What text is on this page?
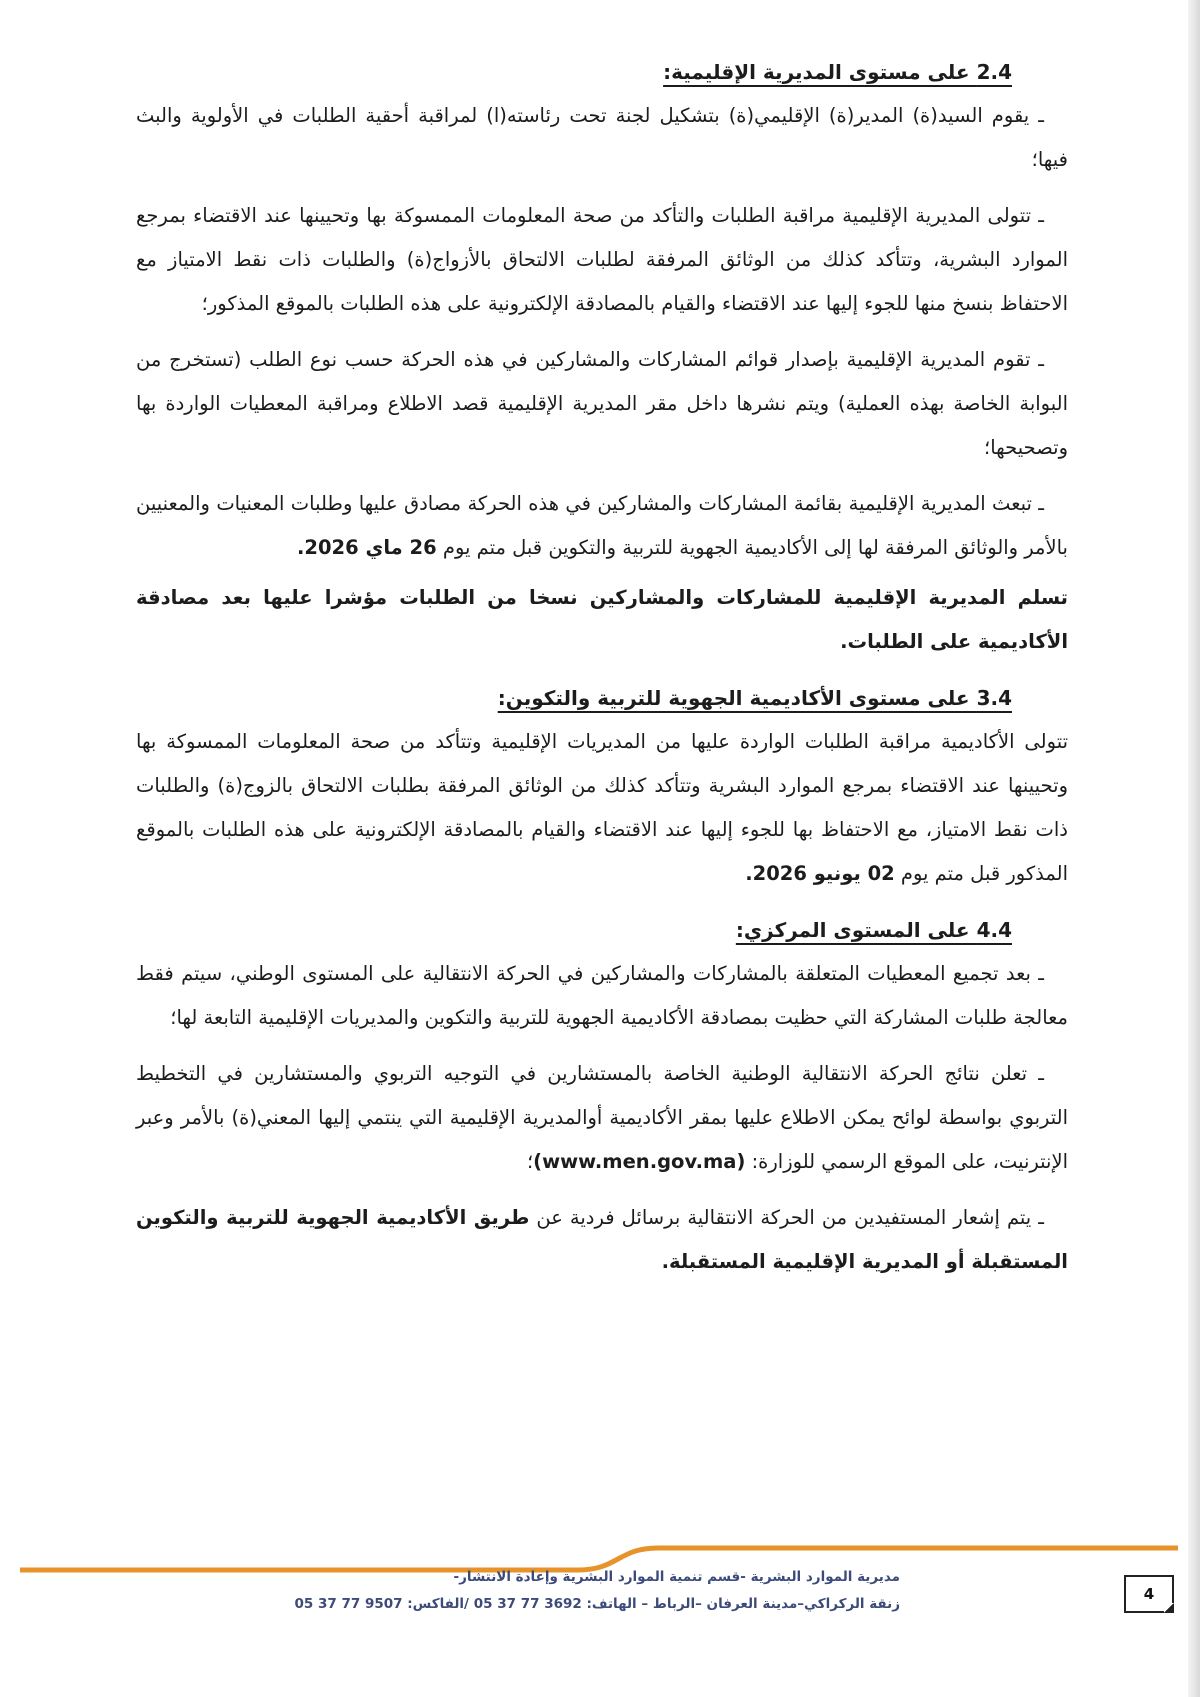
2.4 على مستوى المديرية الإقليمية:

ـ يقوم السيد(ة) المدير(ة) الإقليمي(ة) بتشكيل لجنة تحت رئاسته(ا) لمراقبة أحقية الطلبات في الأولوية والبث فيها؛

ـ تتولى المديرية الإقليمية مراقبة الطلبات والتأكد من صحة المعلومات الممسوكة بها وتحيينها عند الاقتضاء بمرجع الموارد البشرية، وتتأكد كذلك من الوثائق المرفقة لطلبات الالتحاق بالأزواج(ة) والطلبات ذات نقط الامتياز مع الاحتفاظ بنسخ منها للجوء إليها عند الاقتضاء والقيام بالمصادقة الإلكترونية على هذه الطلبات بالموقع المذكور؛

ـ تقوم المديرية الإقليمية بإصدار قوائم المشاركات والمشاركين في هذه الحركة حسب نوع الطلب (تستخرج من البوابة الخاصة بهذه العملية) ويتم نشرها داخل مقر المديرية الإقليمية قصد الاطلاع ومراقبة المعطيات الواردة بها وتصحيحها؛

ـ تبعث المديرية الإقليمية بقائمة المشاركات والمشاركين في هذه الحركة مصادق عليها وطلبات المعنيات والمعنيين بالأمر والوثائق المرفقة لها إلى الأكاديمية الجهوية للتربية والتكوين قبل متم يوم 26 ماي 2026.

تسلم المديرية الإقليمية للمشاركات والمشاركين نسخا من الطلبات مؤشرا عليها بعد مصادقة الأكاديمية على الطلبات.

3.4 على مستوى الأكاديمية الجهوية للتربية والتكوين:

تتولى الأكاديمية مراقبة الطلبات الواردة عليها من المديريات الإقليمية وتتأكد من صحة المعلومات الممسوكة بها وتحيينها عند الاقتضاء بمرجع الموارد البشرية وتتأكد كذلك من الوثائق المرفقة بطلبات الالتحاق بالزوج(ة) والطلبات ذات نقط الامتياز، مع الاحتفاظ بها للجوء إليها عند الاقتضاء والقيام بالمصادقة الإلكترونية على هذه الطلبات بالموقع المذكور قبل متم يوم 02 يونيو 2026.

4.4 على المستوى المركزي:

ـ بعد تجميع المعطيات المتعلقة بالمشاركات والمشاركين في الحركة الانتقالية على المستوى الوطني، سيتم فقط معالجة طلبات المشاركة التي حظيت بمصادقة الأكاديمية الجهوية للتربية والتكوين والمديريات الإقليمية التابعة لها؛

ـ تعلن نتائج الحركة الانتقالية الوطنية الخاصة بالمستشارين في التوجيه التربوي والمستشارين في التخطيط التربوي بواسطة لوائح يمكن الاطلاع عليها بمقر الأكاديمية أوالمديرية الإقليمية التي ينتمي إليها المعني(ة) بالأمر وعبر الإنترنيت، على الموقع الرسمي للوزارة: (www.men.gov.ma)؛

ـ يتم إشعار المستفيدين من الحركة الانتقالية برسائل فردية عن طريق الأكاديمية الجهوية للتربية والتكوين المستقبلة أو المديرية الإقليمية المستقبلة.

مديرية الموارد البشرية -قسم تنمية الموارد البشرية وإعادة الانتشار-
زنقة الركراكي–مدينة العرفان –الرباط – الهاتف: 3692 77 37 05 /الفاكس: 9507 77 37 05
4
